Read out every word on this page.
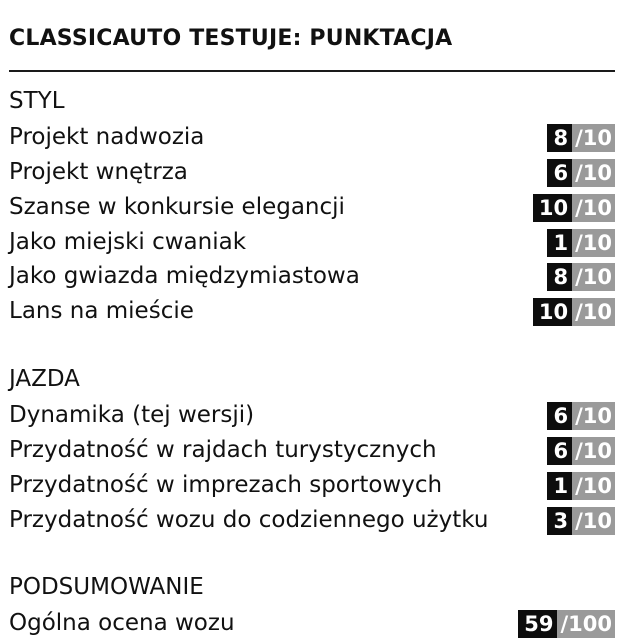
CLASSICAUTO TESTUJE: PUNKTACJA
STYL
Projekt nadwozia	8 /10
Projekt wnętrza	6 /10
Szanse w konkursie elegancji	10 /10
Jako miejski cwaniak	1 /10
Jako gwiazda międzymiastowa	8 /10
Lans na mieście	10 /10
JAZDA
Dynamika (tej wersji)	6 /10
Przydatność w rajdach turystycznych	6 /10
Przydatność w imprezach sportowych	1 /10
Przydatność wozu do codziennego użytku	3 /10
PODSUMOWANIE
Ogólna ocena wozu	59 /100
